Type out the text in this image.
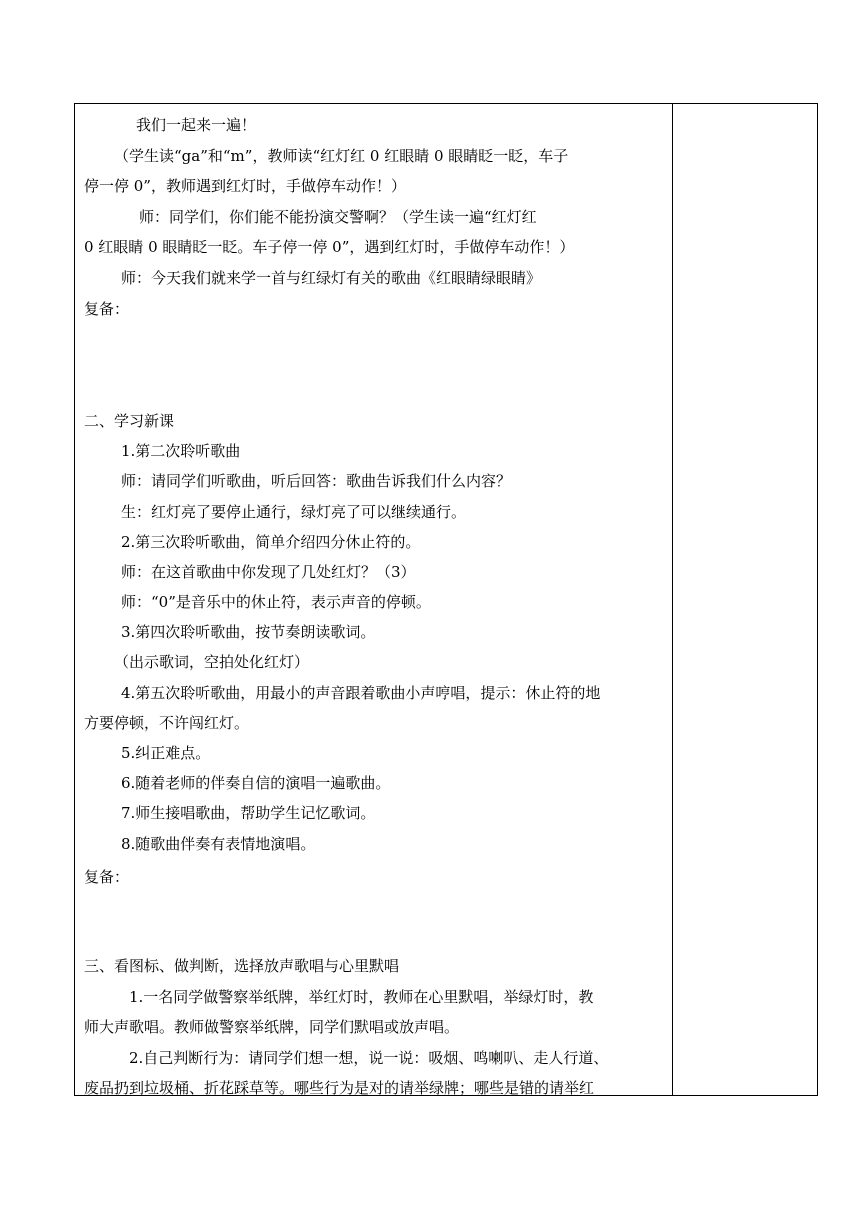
我们一起来一遍！
（学生读“ga”和“m”，教师读“红灯红 0 红眼睛 0 眼睛眨一眨，车子
停一停 0”，教师遇到红灯时，手做停车动作！）
师：同学们，你们能不能扮演交警啊？（学生读一遍“红灯红
0 红眼睛 0 眼睛眨一眨。车子停一停 0”，遇到红灯时，手做停车动作！）
师：今天我们就来学一首与红绿灯有关的歌曲《红眼睛绿眼睛》
复备：
二、学习新课
1.第二次聆听歌曲
师：请同学们听歌曲，听后回答：歌曲告诉我们什么内容？
生：红灯亮了要停止通行，绿灯亮了可以继续通行。
2.第三次聆听歌曲，简单介绍四分休止符的。
师：在这首歌曲中你发现了几处红灯？（3）
师：“0”是音乐中的休止符，表示声音的停顿。
3.第四次聆听歌曲，按节奏朗读歌词。
（出示歌词，空拍处化红灯）
4.第五次聆听歌曲，用最小的声音跟着歌曲小声哼唱，提示：休止符的地
方要停顿，不许闯红灯。
5.纠正难点。
6.随着老师的伴奏自信的演唱一遍歌曲。
7.师生接唱歌曲，帮助学生记忆歌词。
8.随歌曲伴奏有表情地演唱。
复备：
三、看图标、做判断，选择放声歌唱与心里默唱
1.一名同学做警察举纸牌，举红灯时，教师在心里默唱，举绿灯时，教
师大声歌唱。教师做警察举纸牌，同学们默唱或放声唱。
2.自己判断行为：请同学们想一想，说一说：吸烟、鸣喇叭、走人行道、
废品扔到垃圾桶、折花踩草等。哪些行为是对的请举绿牌；哪些是错的请举红
